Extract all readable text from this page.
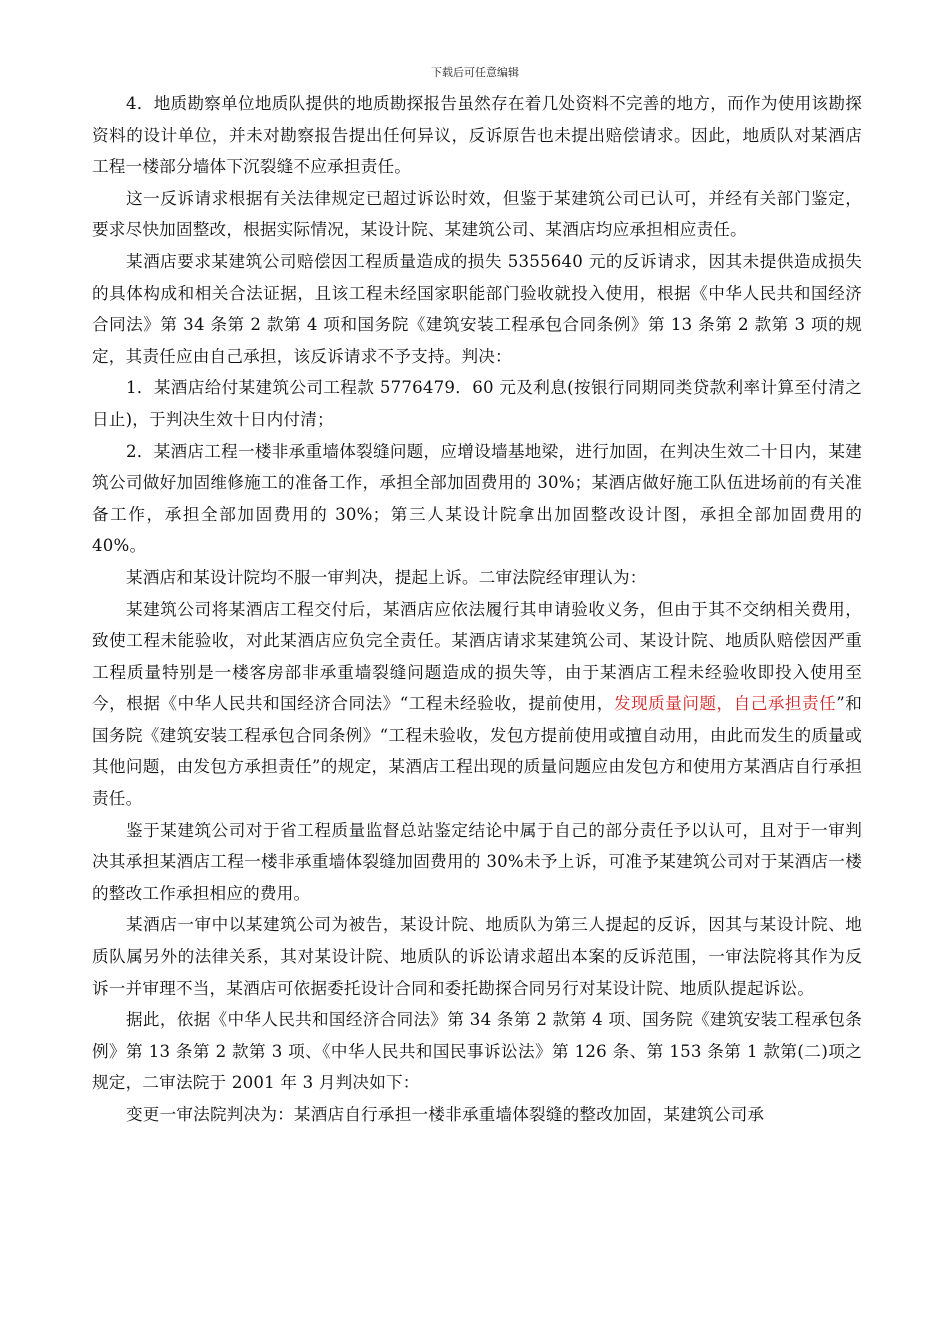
下载后可任意编辑

4．地质勘察单位地质队提供的地质勘探报告虽然存在着几处资料不完善的地方，而作为使用该勘探资料的设计单位，并未对勘察报告提出任何异议，反诉原告也未提出赔偿请求。因此，地质队对某酒店工程一楼部分墙体下沉裂缝不应承担责任。

这一反诉请求根据有关法律规定已超过诉讼时效，但鉴于某建筑公司已认可，并经有关部门鉴定，要求尽快加固整改，根据实际情况，某设计院、某建筑公司、某酒店均应承担相应责任。

某酒店要求某建筑公司赔偿因工程质量造成的损失 5355640 元的反诉请求，因其未提供造成损失的具体构成和相关合法证据，且该工程未经国家职能部门验收就投入使用，根据《中华人民共和国经济合同法》第 34 条第 2 款第 4 项和国务院《建筑安装工程承包合同条例》第 13 条第 2 款第 3 项的规定，其责任应由自己承担，该反诉请求不予支持。判决：

1．某酒店给付某建筑公司工程款 5776479．60 元及利息(按银行同期同类贷款利率计算至付清之日止)，于判决生效十日内付清；

2．某酒店工程一楼非承重墙体裂缝问题，应增设墙基地梁，进行加固，在判决生效二十日内，某建筑公司做好加固维修施工的准备工作，承担全部加固费用的 30%；某酒店做好施工队伍进场前的有关准备工作，承担全部加固费用的 30%；第三人某设计院拿出加固整改设计图，承担全部加固费用的 40%。

某酒店和某设计院均不服一审判决，提起上诉。二审法院经审理认为：

某建筑公司将某酒店工程交付后，某酒店应依法履行其申请验收义务，但由于其不交纳相关费用，致使工程未能验收，对此某酒店应负完全责任。某酒店请求某建筑公司、某设计院、地质队赔偿因严重工程质量特别是一楼客房部非承重墙裂缝问题造成的损失等，由于某酒店工程未经验收即投入使用至今，根据《中华人民共和国经济合同法》“工程未经验收，提前使用，发现质量问题，自己承担责任”和国务院《建筑安装工程承包合同条例》“工程未验收，发包方提前使用或擅自动用，由此而发生的质量或其他问题，由发包方承担责任”的规定，某酒店工程出现的质量问题应由发包方和使用方某酒店自行承担责任。

鉴于某建筑公司对于省工程质量监督总站鉴定结论中属于自己的部分责任予以认可，且对于一审判决其承担某酒店工程一楼非承重墙体裂缝加固费用的 30%未予上诉，可准予某建筑公司对于某酒店一楼的整改工作承担相应的费用。

某酒店一审中以某建筑公司为被告，某设计院、地质队为第三人提起的反诉，因其与某设计院、地质队属另外的法律关系，其对某设计院、地质队的诉讼请求超出本案的反诉范围，一审法院将其作为反诉一并审理不当，某酒店可依据委托设计合同和委托勘探合同另行对某设计院、地质队提起诉讼。

据此，依据《中华人民共和国经济合同法》第 34 条第 2 款第 4 项、国务院《建筑安装工程承包条例》第 13 条第 2 款第 3 项、《中华人民共和国民事诉讼法》第 126 条、第 153 条第 1 款第(二)项之规定，二审法院于 2001 年 3 月判决如下：

变更一审法院判决为：某酒店自行承担一楼非承重墙体裂缝的整改加固，某建筑公司承
